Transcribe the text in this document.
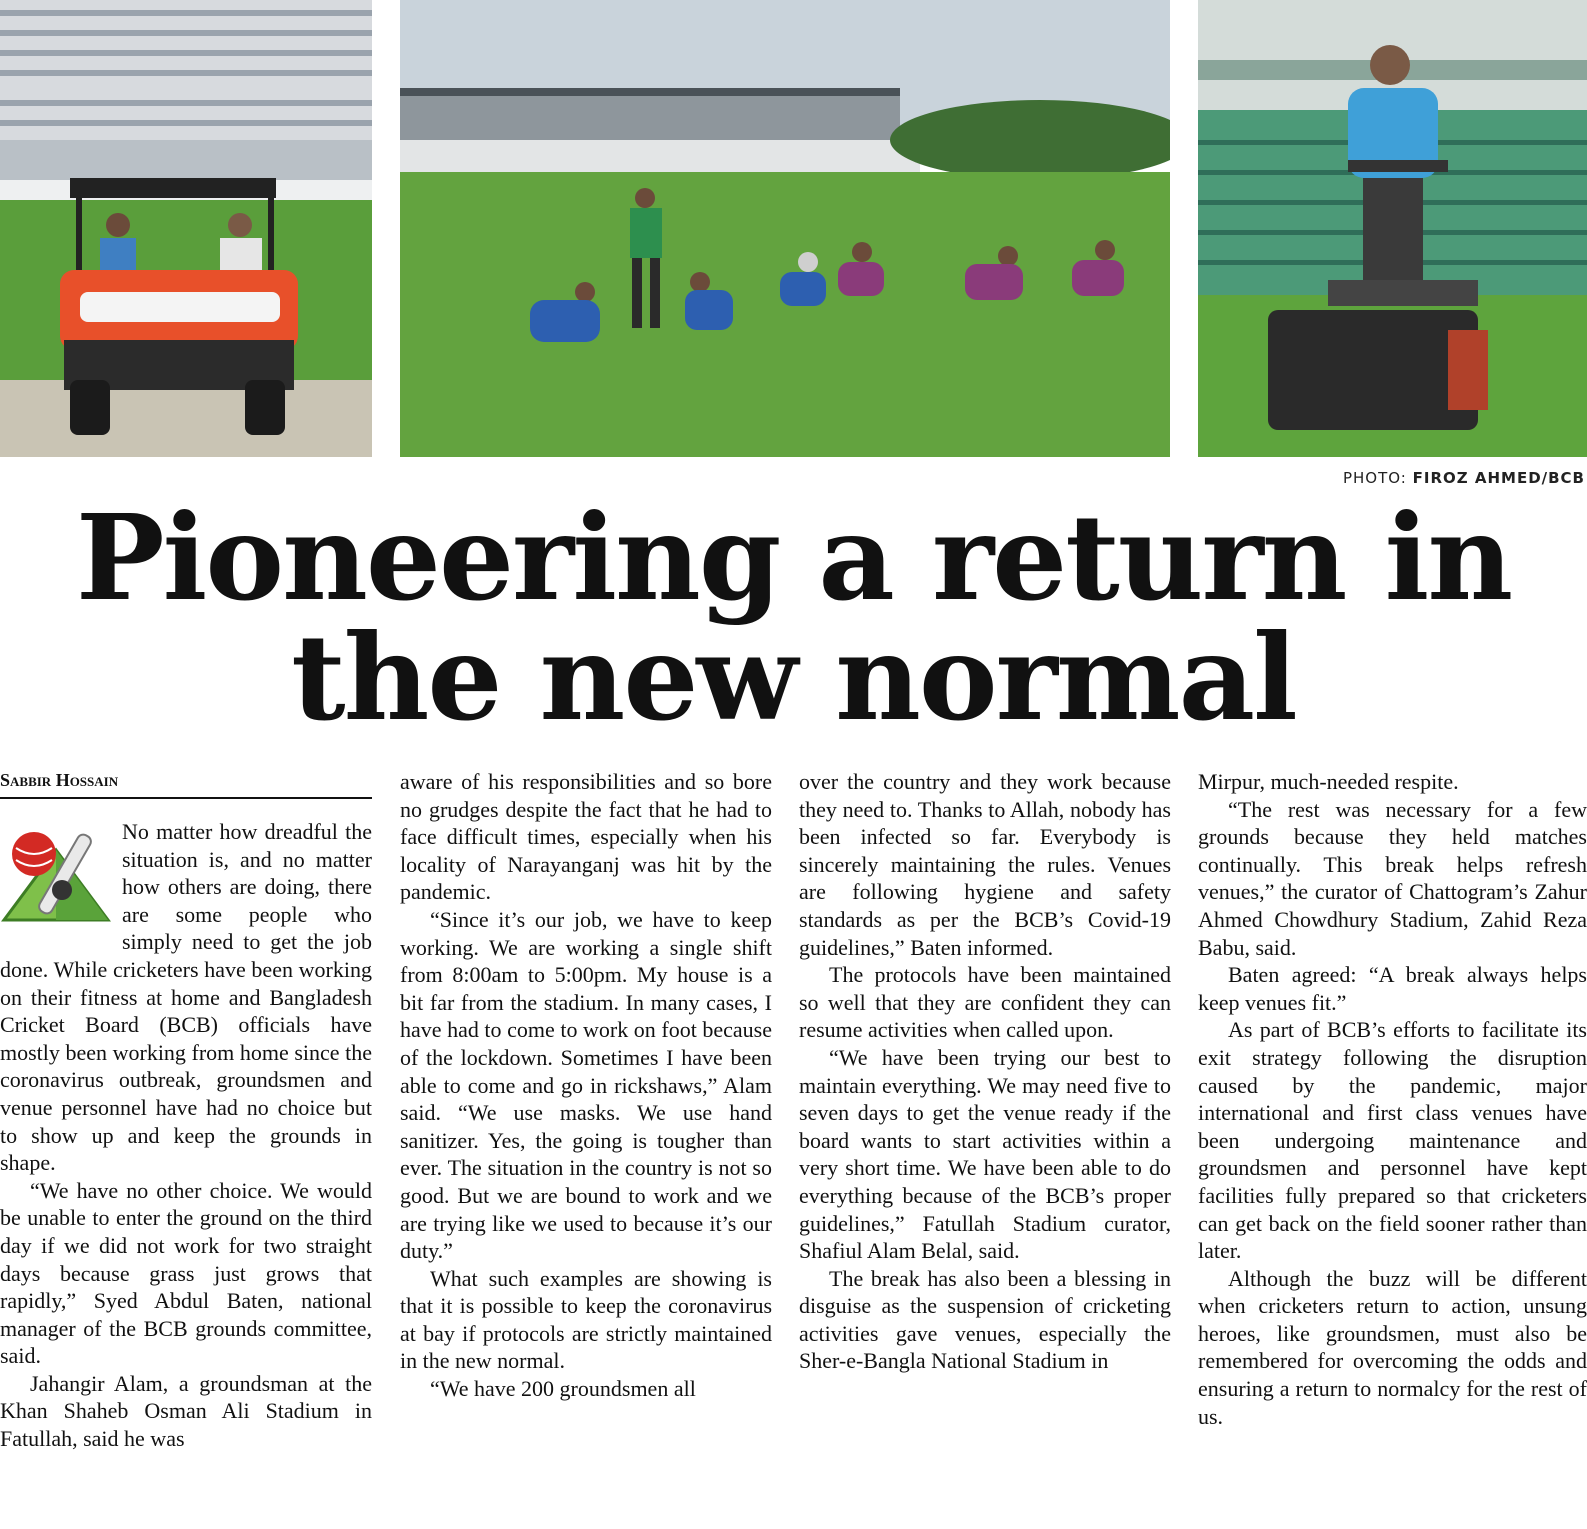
PHOTO: FIROZ AHMED/BCB
Pioneering a return in
the new normal
Sabbir Hossain

No matter how dreadful the situation is, and no matter how others are doing, there are some people who simply need to get the job done. While cricketers have been working on their fitness at home and Bangladesh Cricket Board (BCB) officials have mostly been working from home since the coronavirus outbreak, groundsmen and venue personnel have had no choice but to show up and keep the grounds in shape.

“We have no other choice. We would be unable to enter the ground on the third day if we did not work for two straight days because grass just grows that rapidly,” Syed Abdul Baten, national manager of the BCB grounds committee, said.

Jahangir Alam, a groundsman at the Khan Shaheb Osman Ali Stadium in Fatullah, said he was

aware of his responsibilities and so bore no grudges despite the fact that he had to face difficult times, especially when his locality of Narayanganj was hit by the pandemic.

“Since it’s our job, we have to keep working. We are working a single shift from 8:00am to 5:00pm. My house is a bit far from the stadium. In many cases, I have had to come to work on foot because of the lockdown. Sometimes I have been able to come and go in rickshaws,” Alam said. “We use masks. We use hand sanitizer. Yes, the going is tougher than ever. The situation in the country is not so good. But we are bound to work and we are trying like we used to because it’s our duty.”

What such examples are showing is that it is possible to keep the coronavirus at bay if protocols are strictly maintained in the new normal.

“We have 200 groundsmen all

over the country and they work because they need to. Thanks to Allah, nobody has been infected so far. Everybody is sincerely maintaining the rules. Venues are following hygiene and safety standards as per the BCB’s Covid-19 guidelines,” Baten informed.

The protocols have been maintained so well that they are confident they can resume activities when called upon.

“We have been trying our best to maintain everything. We may need five to seven days to get the venue ready if the board wants to start activities within a very short time. We have been able to do everything because of the BCB’s proper guidelines,” Fatullah Stadium curator, Shafiul Alam Belal, said.

The break has also been a blessing in disguise as the suspension of cricketing activities gave venues, especially the Sher-e-Bangla National Stadium in

Mirpur, much-needed respite.

“The rest was necessary for a few grounds because they held matches continually. This break helps refresh venues,” the curator of Chattogram’s Zahur Ahmed Chowdhury Stadium, Zahid Reza Babu, said.

Baten agreed: “A break always helps keep venues fit.”

As part of BCB’s efforts to facilitate its exit strategy following the disruption caused by the pandemic, major international and first class venues have been undergoing maintenance and groundsmen and personnel have kept facilities fully prepared so that cricketers can get back on the field sooner rather than later.

Although the buzz will be different when cricketers return to action, unsung heroes, like groundsmen, must also be remembered for overcoming the odds and ensuring a return to normalcy for the rest of us.
